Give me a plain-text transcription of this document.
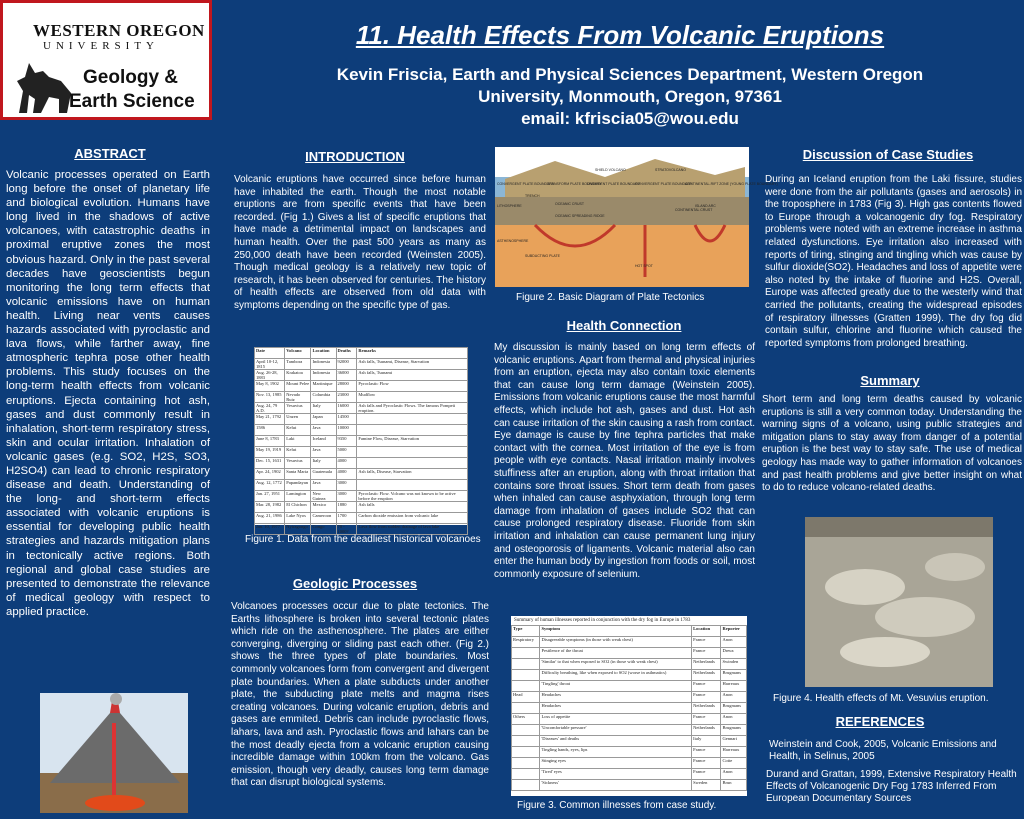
WESTERN OREGON
UNIVERSITY
Geology &
Earth Science
11. Health Effects From Volcanic Eruptions
Kevin Friscia, Earth and Physical Sciences Department, Western Oregon
University, Monmouth, Oregon, 97361
email: kfriscia05@wou.edu
ABSTRACT
Volcanic processes operated on Earth long before the onset of planetary life and biological evolution. Humans have long lived in the shadows of active volcanoes, with catastrophic deaths in proximal eruptive zones the most obvious hazard. Only in the past several decades have geoscientists begun monitoring the long term effects that volcanic emissions have on human health. Living near vents causes hazards associated with pyroclastic and lava flows, while farther away, fine atmospheric tephra pose other health problems. This study focuses on the long-term health effects from volcanic eruptions. Ejecta containing hot ash, gases and dust commonly result in inhalation, short-term respiratory stress, skin and ocular irritation. Inhalation of volcanic gases (e.g. SO2, H2S, SO3, H2SO4) can lead to chronic respiratory disease and death. Understanding of the long- and short-term effects associated with volcanic eruptions is essential for developing public health strategies and hazards mitigation plans in tectonically active regions. Both regional and global case studies are presented to demonstrate the relevance of medical geology with respect to applied practice.
INTRODUCTION
Volcanic eruptions have occurred since before human have inhabited the earth. Though the most notable eruptions are from specific events that have been recorded. (Fig 1.) Gives a list of specific eruptions that have made a detrimental impact on landscapes and human health. Over the past 500 years as many as 250,000 death have been recorded (Weinsten 2005). Though medical geology is a relatively new topic of research, it has been observed for centuries. The history of health effects are observed from old data with symptoms depending on the specific type of gas.
Date	Volcano	Location	Deaths	Remarks
April 10-12, 1815	Tambora	Indonesia	92000	Ash falls, Tsunami, Disease, Starvation
Aug. 26-28, 1883	Krakatoa	Indonesia	36000	Ash falls, Tsunami
May 8, 1902	Mount Pelee	Martinique	28000	Pyroclastic Flow
Nov. 13, 1985	Nevado Ruiz	Columbia	23000	Mudflow
Aug. 24, 79 A.D.	Vesuvius	Italy	16000	Ash falls and Pyroclastic Flows. The famous Pompeii eruption.
May 21, 1792	Unzen	Japan	14500	
1586	Kelut	Java	10000	
June 8, 1783	Laki	Iceland	9350	Famine Flow, Disease, Starvation
May 19, 1919	Kelut	Java	5000	
Dec. 15, 1631	Vesuvius	Italy	4000	
Apr. 24, 1902	Santa Maria	Guatemala	4000	Ash falls, Disease, Starvation
Aug. 12, 1772	Papandayan	Java	3000	
Jan. 27, 1951	Lamington	New Guinea	3000	Pyroclastic Flow. Volcano was not known to be active before the eruption
Mar. 28, 1982	El Chichon	Mexico	1880	Ash falls
Aug. 21, 1986	Lake Nyos	Cameroon	1700	Carbon dioxide emission from volcanic lake
Jan. 10, 1977	Nyiragongo	Congo	70 - 1000?	Lava flow from sudden drainage of lava lake
Figure 1. Data from the deadliest historical volcanoes
Geologic Processes
Volcanoes processes occur due to plate tectonics. The Earths lithosphere is broken into several tectonic plates which ride on the asthenosphere. The plates are either converging, diverging or sliding past each other. (Fig 2.) shows the three types of plate boundaries. Most commonly volcanoes form from convergent and divergent plate boundaries. When a plate subducts under another plate, the subducting plate melts and magma rises creating volcanoes. During volcanic eruption, debris and gases are emmited. Debris can include pyroclastic flows, lahars, lava and ash. Pyroclastic flows and lahars can be the most deadly ejecta from a volcanic eruption causing incredible damage within 100km from the volcano. Gas emission, though very deadly, causes long term damage that can disrupt biological systems.
CONVERGENT PLATE BOUNDARY
TRANSFORM PLATE BOUNDARY
DIVERGENT PLATE BOUNDARY
CONVERGENT PLATE BOUNDARY
CONTINENTAL-RIFT ZONE (YOUNG PLATE BOUNDARY)
LITHOSPHERE
ASTHENOSPHERE
HOT SPOT
OCEANIC SPREADING RIDGE
SHIELD VOLCANO	STRATOVOLCANO
SUBDUCTING PLATE
ISLAND ARC
OCEANIC CRUST
CONTINENTAL CRUST
TRENCH
Figure 2. Basic Diagram of Plate Tectonics
Health Connection
My discussion is mainly based on long term effects of volcanic eruptions. Apart from thermal and physical injuries from an eruption, ejecta may also contain toxic elements that can cause long term damage (Weinstein 2005). Emissions from volcanic eruptions cause the most harmful effects, which include hot ash, gases and dust. Hot ash can cause irritation of the skin causing a rash from contact. Eye damage is cause by fine tephra particles that make contact with the cornea. Most irritation of the eye is from people with eye contacts. Nasal irritation mainly involves stuffiness after an eruption, along with throat irritation that contains sore throat issues. Short term death from gases when inhaled can cause asphyxiation, through long term damage from inhalation of gases include SO2 that can cause prolonged respiratory disease. Fluoride from skin irritation and inhalation can cause permanent lung injury and osteoporosis of ligaments. Volcanic material also can enter the human body by ingestion from foods or soil, most commonly exposure of selenium.
Summary of human illnesses reported in conjunction with the dry fog in Europe in 1783
Type	Symptom	Location	Reporter
Respiratory	Disagreeable symptoms (in those with weak chest)	France	Anon
	Pestilence of the throat	France	Dreux
	'Similar' to that when exposed to SO2 (in those with weak chest)	Netherlands	Swinden
	Difficulty breathing, like when exposed to SO2 (worse in asthmatics)	Netherlands	Brugmans
	'Tingling' throat	France	Harreaux
Head	Headaches	France	Anon
	Headaches	Netherlands	Brugmans
Others	Loss of appetite	France	Anon
	'Uncomfortable pressure'	Netherlands	Brugmans
	'Diseases' and deaths	Italy	Gennari
	Tingling hands, eyes, lips	France	Harreaux
	Stinging eyes	France	Cotte
	'Tired' eyes	France	Anon
	'Sickness'	Sweden	Brun
Figure 3. Common illnesses from case study.
Discussion of Case Studies
During an Iceland eruption from the Laki fissure, studies were done from the air pollutants (gases and aerosols) in the troposphere in 1783 (Fig 3). High gas contents flowed to Europe through a volcanogenic dry fog. Respiratory problems were noted with an extreme increase in asthma related dysfunctions. Eye irritation also increased with reports of tiring, stinging and tingling which was cause by sulfur dioxide(SO2). Headaches and loss of appetite were also noted by the intake of fluorine and H2S. Overall, Europe was affected greatly due to the westerly wind that carried the pollutants, creating the widespread episodes of respiratory illnesses (Gratten 1999). The dry fog did contain sulfur, chlorine and fluorine which caused the reported symptoms from prolonged breathing.
Summary
Short term and long term deaths caused by volcanic eruptions is still a very common today. Understanding the warning signs of a volcano, using public strategies and mitigation plans to stay away from danger of a potential eruption is the best way to stay safe. The use of medical geology has made way to gather information of volcanoes and past health problems and give better insight on what to do to reduce volcano-related deaths.
Figure 4. Health effects of Mt. Vesuvius eruption.
REFERENCES
Weinstein and Cook, 2005, Volcanic Emissions and Health, in Selinus, 2005
Durand and Grattan, 1999, Extensive Respiratory Health Effects of Volcanogenic Dry Fog 1783 Inferred From European Documentary Sources
